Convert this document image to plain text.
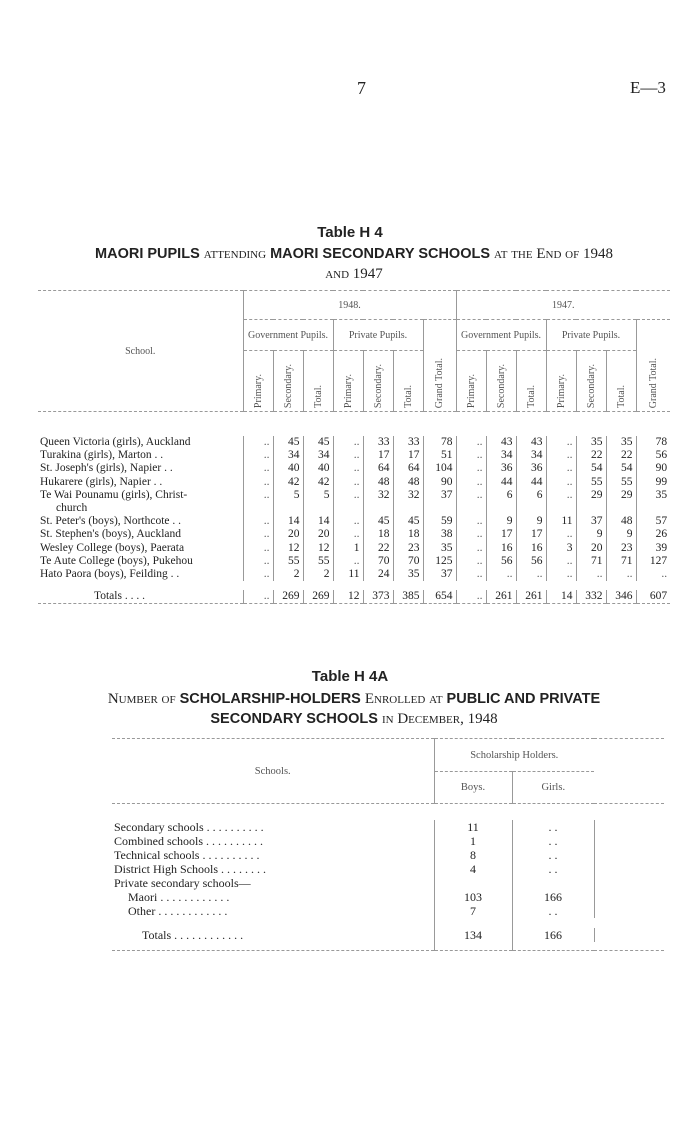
7	E—3
Table H 4
MAORI PUPILS attending MAORI SECONDARY SCHOOLS at the End of 1948
and 1947
School.	1948.							1947.						
	Government Pupils.			Private Pupils.			Grand Total.	Government Pupils.			Private Pupils.			Grand Total.
	Primary.	Secondary.	Total.	Primary.	Secondary.	Total.		Primary.	Secondary.	Total.	Primary.	Secondary.	Total.	

Queen Victoria (girls), Auckland	..	45	45	..	33	33	78	..	43	43	..	35	35	78
Turakina (girls), Marton . .	..	34	34	..	17	17	51	..	34	34	..	22	22	56
St. Joseph's (girls), Napier . .	..	40	40	..	64	64	104	..	36	36	..	54	54	90
Hukarere (girls), Napier . .	..	42	42	..	48	48	90	..	44	44	..	55	55	99
Te Wai Pounamu (girls), Christ-	..	5	5	..	32	32	37	..	6	6	..	29	29	35
church														
St. Peter's (boys), Northcote . .	..	14	14	..	45	45	59	..	9	9	11	37	48	57
St. Stephen's (boys), Auckland	..	20	20	..	18	18	38	..	17	17	..	9	9	26
Wesley College (boys), Paerata	..	12	12	1	22	23	35	..	16	16	3	20	23	39
Te Aute College (boys), Pukehou	..	55	55	..	70	70	125	..	56	56	..	71	71	127
Hato Paora (boys), Feilding . .	..	2	2	11	24	35	37	..	..	..	..	..	..	..

Totals . . . .	..	269	269	12	373	385	654	..	261	261	14	332	346	607
Table H 4A
Number of SCHOLARSHIP-HOLDERS Enrolled at PUBLIC AND PRIVATE
SECONDARY SCHOOLS in December, 1948
Schools.	Scholarship Holders.		
	Boys.	Girls.	

Secondary schools . . . . . . . . . .	11	. .	
Combined schools . . . . . . . . . .	1	. .	
Technical schools . . . . . . . . . .	8	. .	
District High Schools . . . . . . . .	4	. .	
Private secondary schools—			
Maori . . . . . . . . . . . .	103	166	
Other . . . . . . . . . . . .	7	. .	

Totals . . . . . . . . . . . .	134	166	
